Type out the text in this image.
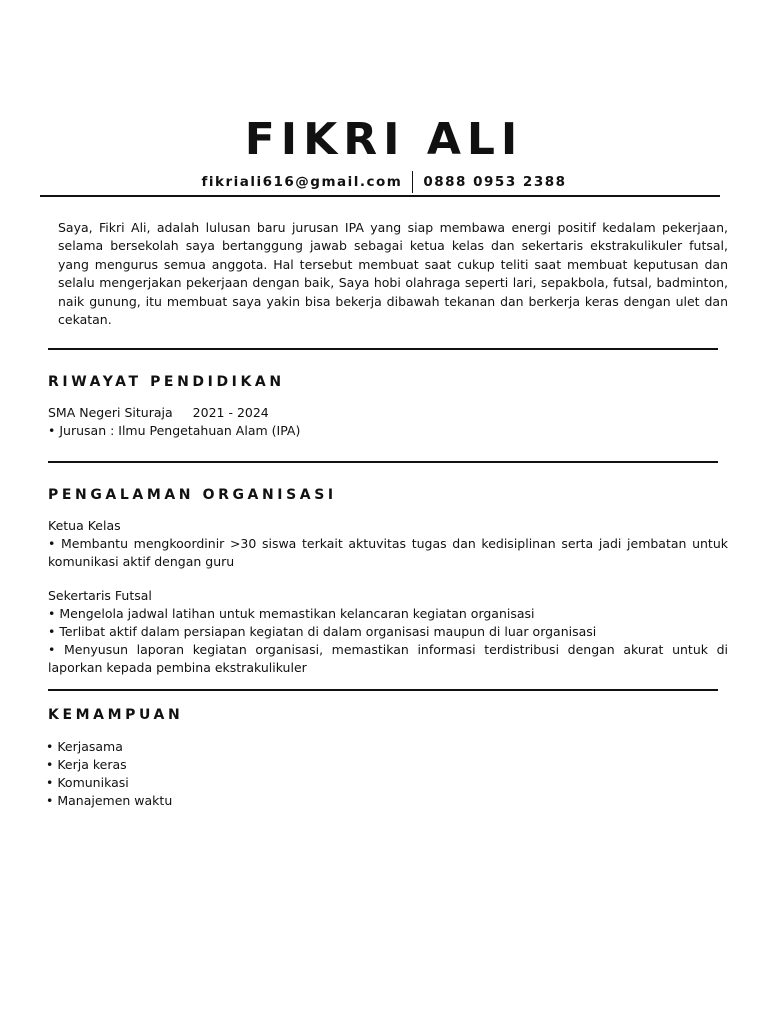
FIKRI ALI
fikriali616@gmail.com 0888 0953 2388
Saya, Fikri Ali, adalah lulusan baru jurusan IPA yang siap membawa energi positif kedalam pekerjaan, selama bersekolah saya bertanggung jawab sebagai ketua kelas dan sekertaris ekstrakulikuler futsal, yang mengurus semua anggota. Hal tersebut membuat saat cukup teliti saat membuat keputusan dan selalu mengerjakan pekerjaan dengan baik, Saya hobi olahraga seperti lari, sepakbola, futsal, badminton, naik gunung, itu membuat saya yakin bisa bekerja dibawah tekanan dan berkerja keras dengan ulet dan cekatan.
RIWAYAT PENDIDIKAN
SMA Negeri Situraja 2021 - 2024
• Jurusan : Ilmu Pengetahuan Alam (IPA)
PENGALAMAN ORGANISASI
Ketua Kelas
• Membantu mengkoordinir >30 siswa terkait aktuvitas tugas dan kedisiplinan serta jadi jembatan untuk komunikasi aktif dengan guru
Sekertaris Futsal
• Mengelola jadwal latihan untuk memastikan kelancaran kegiatan organisasi
• Terlibat aktif dalam persiapan kegiatan di dalam organisasi maupun di luar organisasi
• Menyusun laporan kegiatan organisasi, memastikan informasi terdistribusi dengan akurat untuk di laporkan kepada pembina ekstrakulikuler
KEMAMPUAN
• Kerjasama
• Kerja keras
• Komunikasi
• Manajemen waktu
